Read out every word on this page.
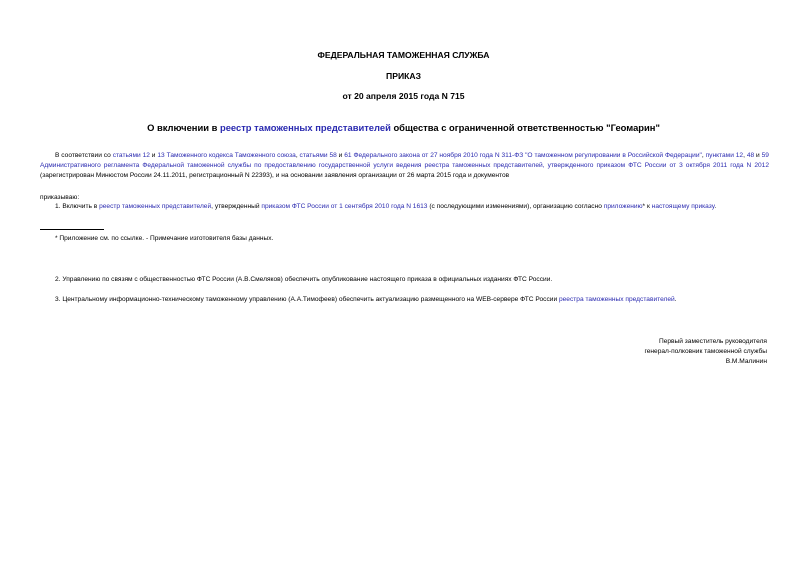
ФЕДЕРАЛЬНАЯ ТАМОЖЕННАЯ СЛУЖБА
ПРИКАЗ
от 20 апреля 2015 года N 715
О включении в реестр таможенных представителей общества с ограниченной ответственностью "Геомарин"
В соответствии со статьями 12 и 13 Таможенного кодекса Таможенного союза, статьями 58 и 61 Федерального закона от 27 ноября 2010 года N 311-ФЗ "О таможенном регулировании в Российской Федерации", пунктами 12, 48 и 59 Административного регламента Федеральной таможенной службы по предоставлению государственной услуги ведения реестра таможенных представителей, утвержденного приказом ФТС России от 3 октября 2011 года N 2012 (зарегистрирован Минюстом России 24.11.2011, регистрационный N 22393), и на основании заявления организации от 26 марта 2015 года и документов
приказываю:
1. Включить в реестр таможенных представителей, утвержденный приказом ФТС России от 1 сентября 2010 года N 1613 (с последующими изменениями), организацию согласно приложению* к настоящему приказу.
* Приложение см. по ссылке. - Примечание изготовителя базы данных.
2. Управлению по связям с общественностью ФТС России (А.В.Смеляков) обеспечить опубликование настоящего приказа в официальных изданиях ФТС России.
3. Центральному информационно-техническому таможенному управлению (А.А.Тимофеев) обеспечить актуализацию размещенного на WEB-сервере ФТС России реестра таможенных представителей.
Первый заместитель руководителя
генерал-полковник таможенной службы
В.М.Малинин
